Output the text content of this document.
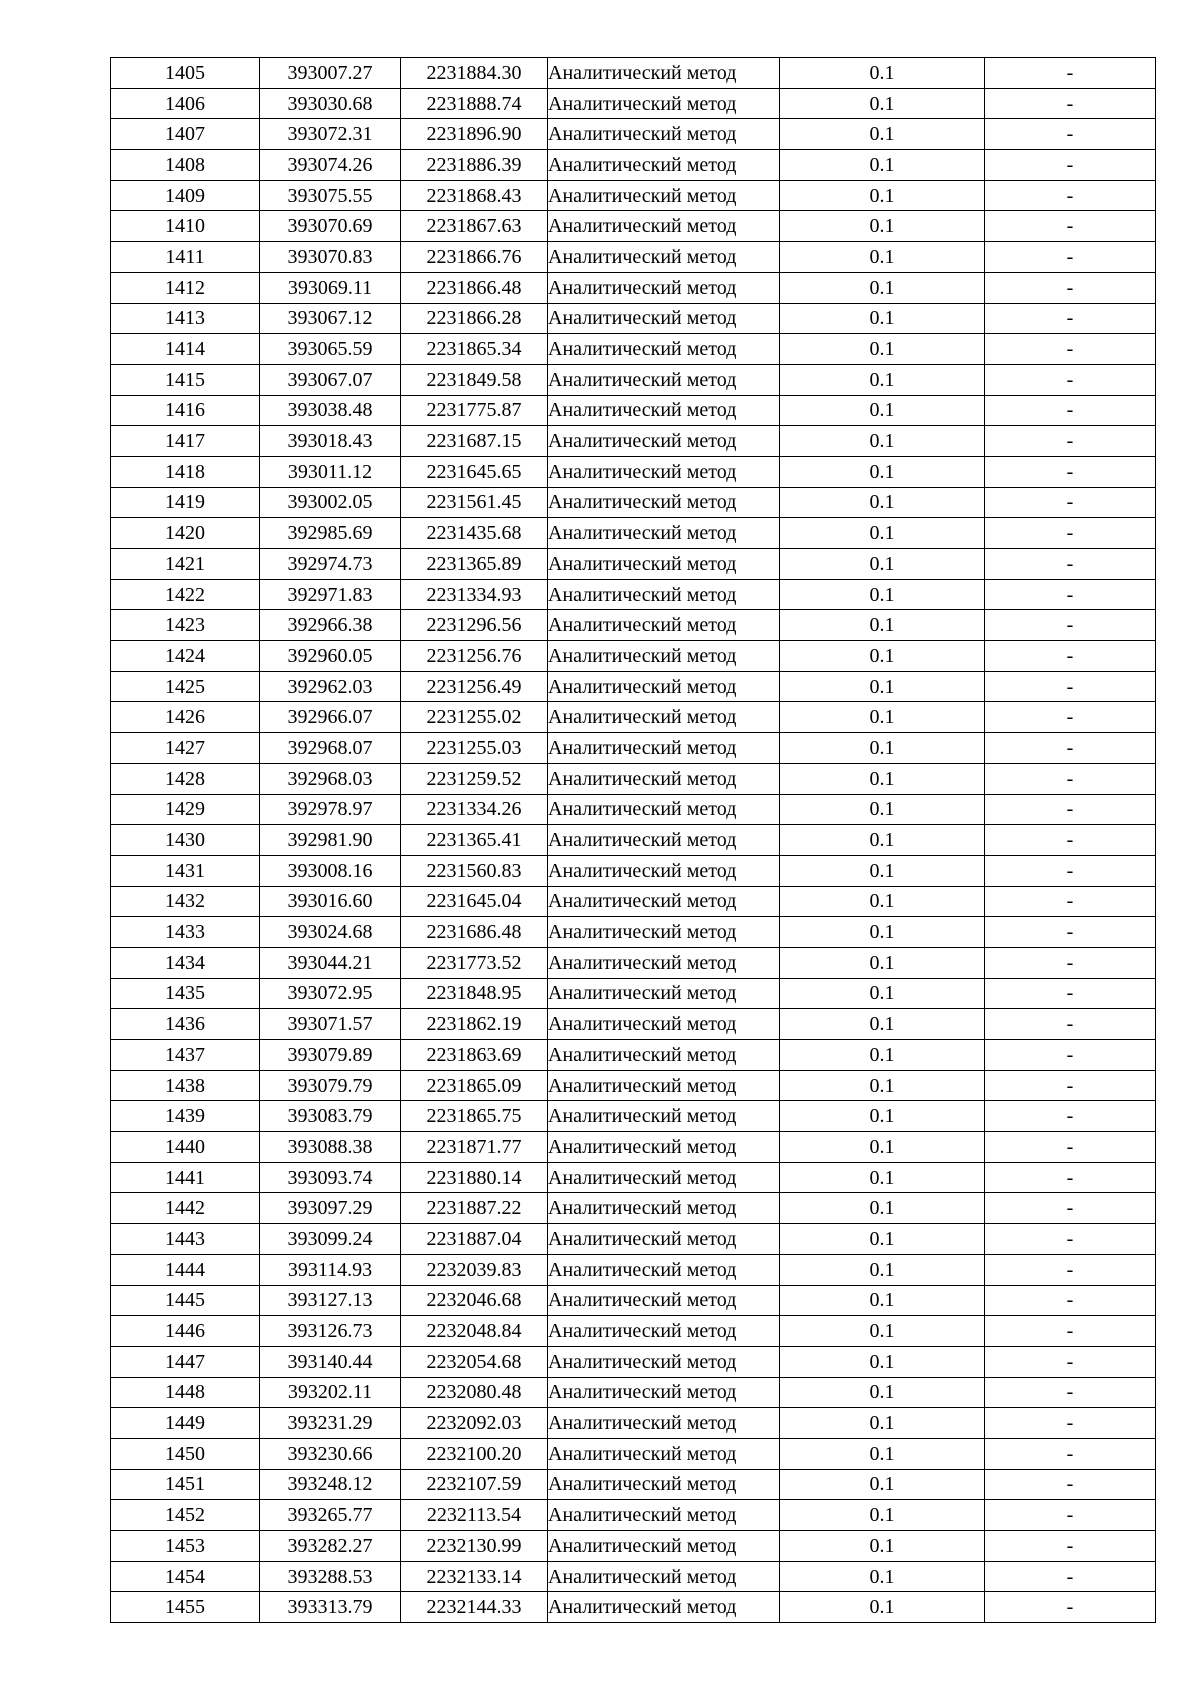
1405	393007.27	2231884.30	Аналитический метод	0.1	-
1406	393030.68	2231888.74	Аналитический метод	0.1	-
1407	393072.31	2231896.90	Аналитический метод	0.1	-
1408	393074.26	2231886.39	Аналитический метод	0.1	-
1409	393075.55	2231868.43	Аналитический метод	0.1	-
1410	393070.69	2231867.63	Аналитический метод	0.1	-
1411	393070.83	2231866.76	Аналитический метод	0.1	-
1412	393069.11	2231866.48	Аналитический метод	0.1	-
1413	393067.12	2231866.28	Аналитический метод	0.1	-
1414	393065.59	2231865.34	Аналитический метод	0.1	-
1415	393067.07	2231849.58	Аналитический метод	0.1	-
1416	393038.48	2231775.87	Аналитический метод	0.1	-
1417	393018.43	2231687.15	Аналитический метод	0.1	-
1418	393011.12	2231645.65	Аналитический метод	0.1	-
1419	393002.05	2231561.45	Аналитический метод	0.1	-
1420	392985.69	2231435.68	Аналитический метод	0.1	-
1421	392974.73	2231365.89	Аналитический метод	0.1	-
1422	392971.83	2231334.93	Аналитический метод	0.1	-
1423	392966.38	2231296.56	Аналитический метод	0.1	-
1424	392960.05	2231256.76	Аналитический метод	0.1	-
1425	392962.03	2231256.49	Аналитический метод	0.1	-
1426	392966.07	2231255.02	Аналитический метод	0.1	-
1427	392968.07	2231255.03	Аналитический метод	0.1	-
1428	392968.03	2231259.52	Аналитический метод	0.1	-
1429	392978.97	2231334.26	Аналитический метод	0.1	-
1430	392981.90	2231365.41	Аналитический метод	0.1	-
1431	393008.16	2231560.83	Аналитический метод	0.1	-
1432	393016.60	2231645.04	Аналитический метод	0.1	-
1433	393024.68	2231686.48	Аналитический метод	0.1	-
1434	393044.21	2231773.52	Аналитический метод	0.1	-
1435	393072.95	2231848.95	Аналитический метод	0.1	-
1436	393071.57	2231862.19	Аналитический метод	0.1	-
1437	393079.89	2231863.69	Аналитический метод	0.1	-
1438	393079.79	2231865.09	Аналитический метод	0.1	-
1439	393083.79	2231865.75	Аналитический метод	0.1	-
1440	393088.38	2231871.77	Аналитический метод	0.1	-
1441	393093.74	2231880.14	Аналитический метод	0.1	-
1442	393097.29	2231887.22	Аналитический метод	0.1	-
1443	393099.24	2231887.04	Аналитический метод	0.1	-
1444	393114.93	2232039.83	Аналитический метод	0.1	-
1445	393127.13	2232046.68	Аналитический метод	0.1	-
1446	393126.73	2232048.84	Аналитический метод	0.1	-
1447	393140.44	2232054.68	Аналитический метод	0.1	-
1448	393202.11	2232080.48	Аналитический метод	0.1	-
1449	393231.29	2232092.03	Аналитический метод	0.1	-
1450	393230.66	2232100.20	Аналитический метод	0.1	-
1451	393248.12	2232107.59	Аналитический метод	0.1	-
1452	393265.77	2232113.54	Аналитический метод	0.1	-
1453	393282.27	2232130.99	Аналитический метод	0.1	-
1454	393288.53	2232133.14	Аналитический метод	0.1	-
1455	393313.79	2232144.33	Аналитический метод	0.1	-
